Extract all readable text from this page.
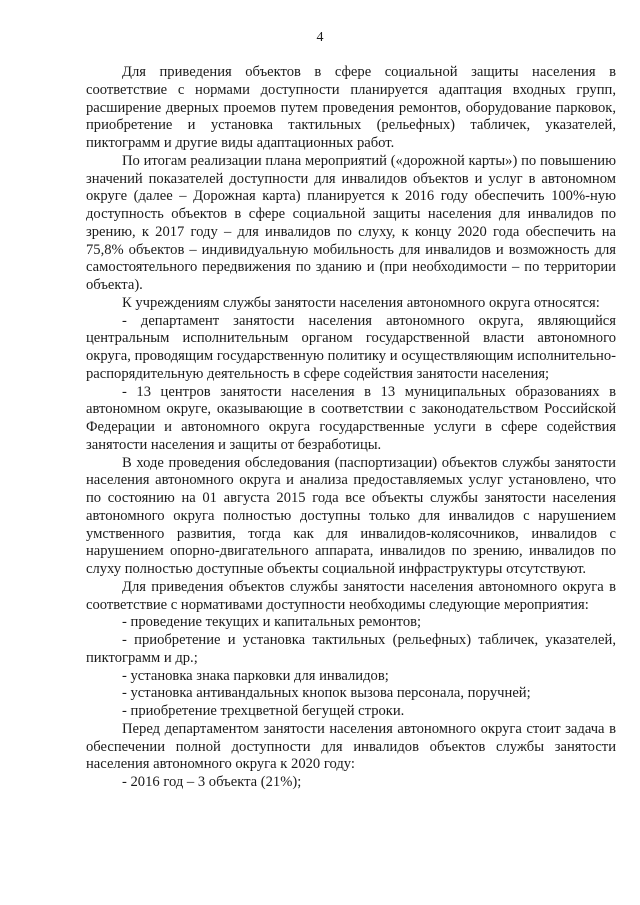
4

Для приведения объектов в сфере социальной защиты населения в соответствие с нормами доступности планируется адаптация входных групп, расширение дверных проемов путем проведения ремонтов, оборудование парковок, приобретение и установка тактильных (рельефных) табличек, указателей, пиктограмм и другие виды адаптационных работ.

По итогам реализации плана мероприятий («дорожной карты») по повышению значений показателей доступности для инвалидов объектов и услуг в автономном округе (далее – Дорожная карта) планируется к 2016 году обеспечить 100%-ную доступность объектов в сфере социальной защиты населения для инвалидов по зрению, к 2017 году – для инвалидов по слуху, к концу 2020 года обеспечить на 75,8% объектов – индивидуальную мобильность для инвалидов и возможность для самостоятельного передвижения по зданию и (при необходимости – по территории объекта).

К учреждениям службы занятости населения автономного округа относятся:

- департамент занятости населения автономного округа, являющийся центральным исполнительным органом государственной власти автономного округа, проводящим государственную политику и осуществляющим исполнительно-распорядительную деятельность в сфере содействия занятости населения;

- 13 центров занятости населения в 13 муниципальных образованиях в автономном округе, оказывающие в соответствии с законодательством Российской Федерации и автономного округа государственные услуги в сфере содействия занятости населения и защиты от безработицы.

В ходе проведения обследования (паспортизации) объектов службы занятости населения автономного округа и анализа предоставляемых услуг установлено, что по состоянию на 01 августа 2015 года все объекты службы занятости населения автономного округа полностью доступны только для инвалидов с нарушением умственного развития, тогда как для инвалидов-колясочников, инвалидов с нарушением опорно-двигательного аппарата, инвалидов по зрению, инвалидов по слуху полностью доступные объекты социальной инфраструктуры отсутствуют.

Для приведения объектов службы занятости населения автономного округа в соответствие с нормативами доступности необходимы следующие мероприятия:

- проведение текущих и капитальных ремонтов;

- приобретение и установка тактильных (рельефных) табличек, указателей, пиктограмм и др.;

- установка знака парковки для инвалидов;

- установка антивандальных кнопок вызова персонала, поручней;

- приобретение трехцветной бегущей строки.

Перед департаментом занятости населения автономного округа стоит задача в обеспечении полной доступности для инвалидов объектов службы занятости населения автономного округа к 2020 году:

- 2016 год – 3 объекта (21%);
